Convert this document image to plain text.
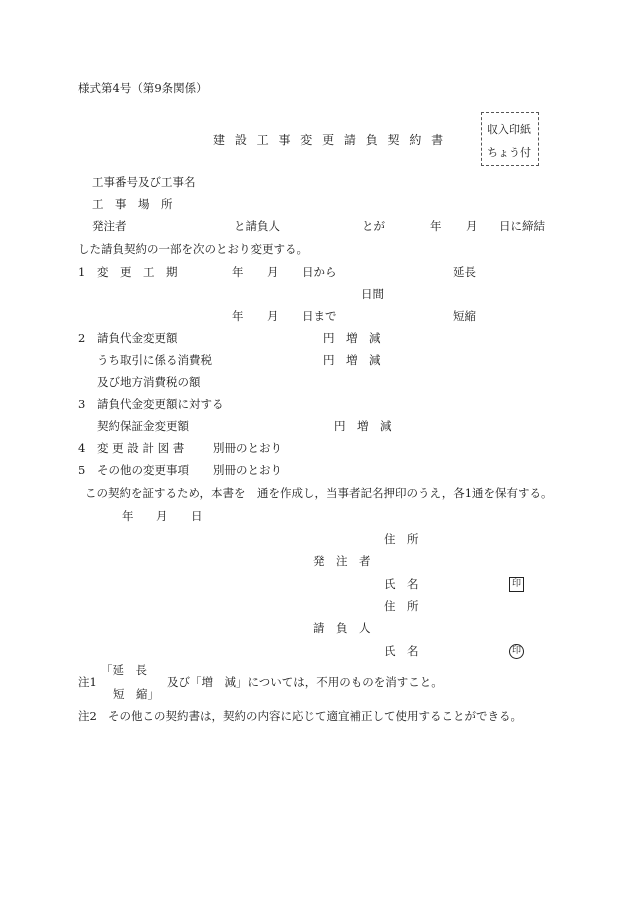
様式第4号（第9条関係）
建 設 工 事 変 更 請 負 契 約 書
収入印紙
ちょう付
工事番号及び工事名
工　事　場　所
発注者	と請負人	とが	年 月 日に締結
した請負契約の一部を次のとおり変更する。
1 変　更　工　期	年 月 日から	延長
日間
年 月 日まで	短縮
2 請負代金変更額	円　増　減
うち取引に係る消費税	円　増　減
及び地方消費税の額
3 請負代金変更額に対する
契約保証金変更額	円　増　減
4 変 更 設 計 図 書 別冊のとおり
5 その他の変更事項 別冊のとおり
この契約を証するため，本書を　通を作成し，当事者記名押印のうえ，各1通を保有する。
年 月 日
住　所
発　注　者
氏　名	印
住　所
請　負　人
氏　名	印
「延　長
注1	及び「増　減」については，不用のものを消すこと。
短　縮」
注2 その他この契約書は，契約の内容に応じて適宜補正して使用することができる。
